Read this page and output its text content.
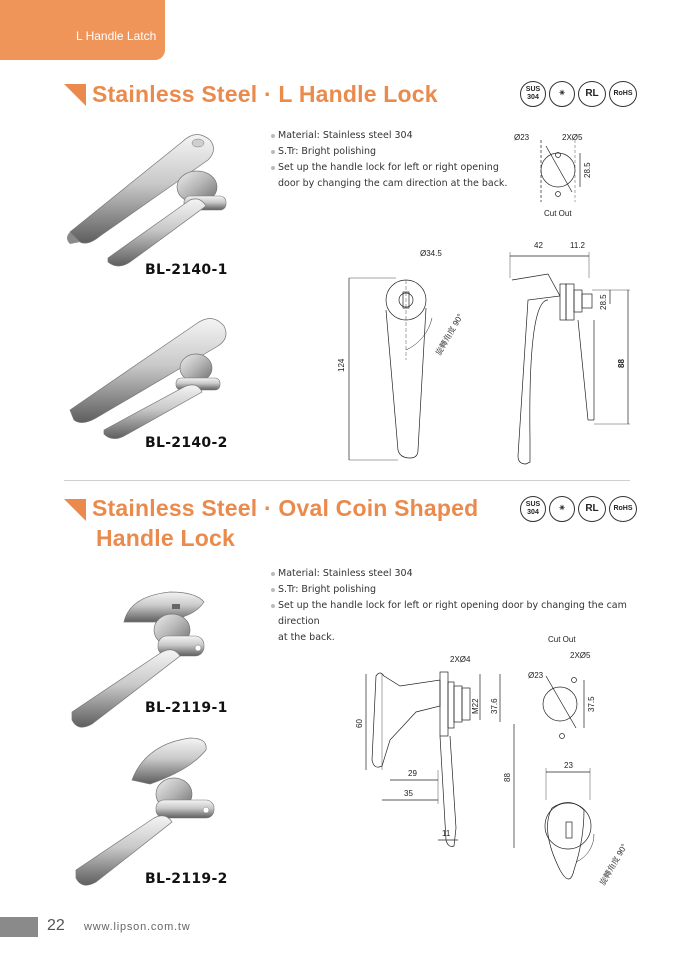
L Handle Latch
Stainless Steel · L Handle Lock	SUS 304
✳	RL RoHS
Material: Stainless steel 304
S.Tr: Bright polishing
Set up the handle lock for left or right opening
door by changing the cam direction at the back.
BL-2140-1
BL-2140-2
Stainless Steel · Oval Coin Shaped
Handle Lock
SUS 304
✳	RL RoHS
Material: Stainless steel 304
S.Tr: Bright polishing
Set up the handle lock for left or right opening door by changing the cam direction
at the back.
BL-2119-1
BL-2119-2
Ø23	2XØ5
28.5
Cut Out
Ø34.5
124
旋轉角度 90°
42	11.2
28.5
88
Cut Out
2XØ5
Ø23
37.5
2XØ4
M22 37.6
60
29
35
11
88
23
旋轉角度 90°
22 www.lipson.com.tw
